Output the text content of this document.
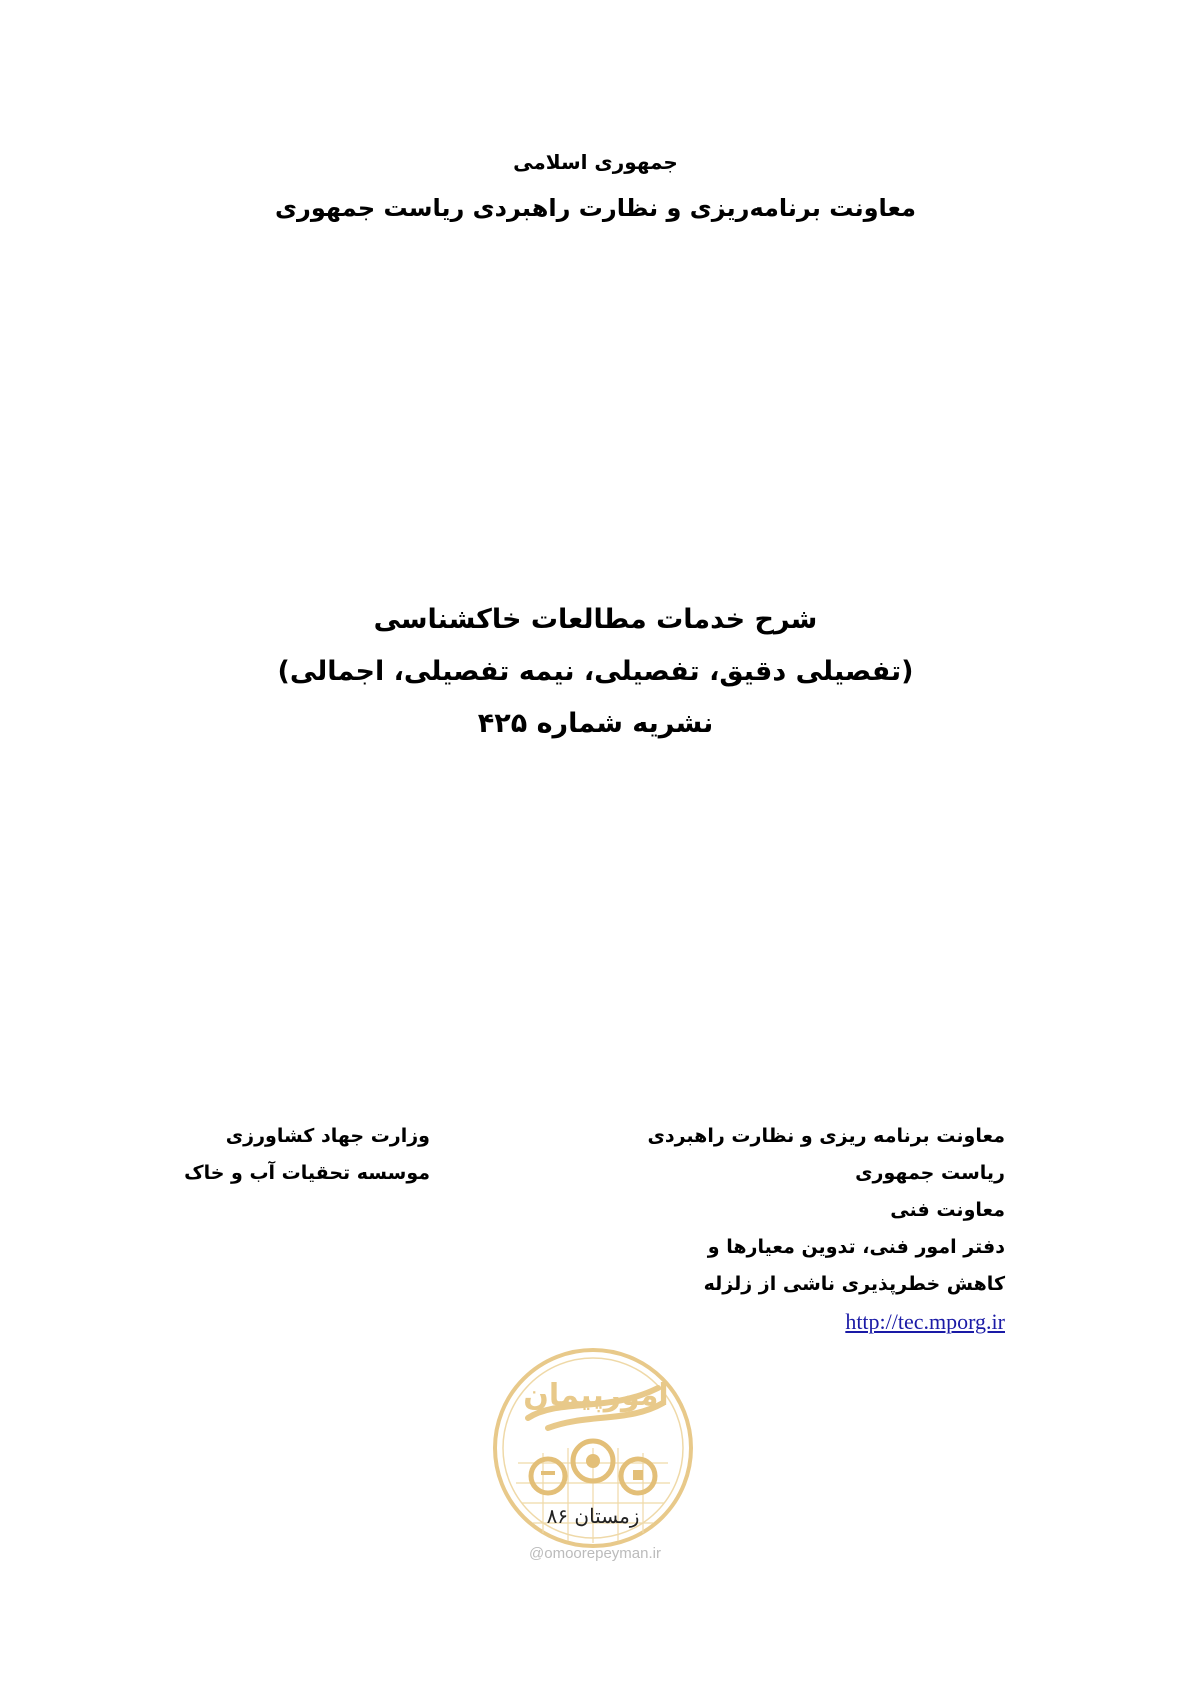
جمهوری اسلامی
معاونت برنامه‌ریزی و نظارت راهبردی ریاست جمهوری
شرح خدمات مطالعات خاکشناسی
(تفصیلی دقیق، تفصیلی، نیمه تفصیلی، اجمالی)
نشریه شماره ۴۲۵
معاونت برنامه ریزی و نظارت راهبردی
ریاست جمهوری
معاونت فنی
دفتر امور فنی، تدوین معیارها و
کاهش خطرپذیری ناشی از زلزله
http://tec.mporg.ir
وزارت جهاد کشاورزی
موسسه تحقیات آب و خاک
امورپیمان
زمستان ۸۶
@omoorepeyman.ir
